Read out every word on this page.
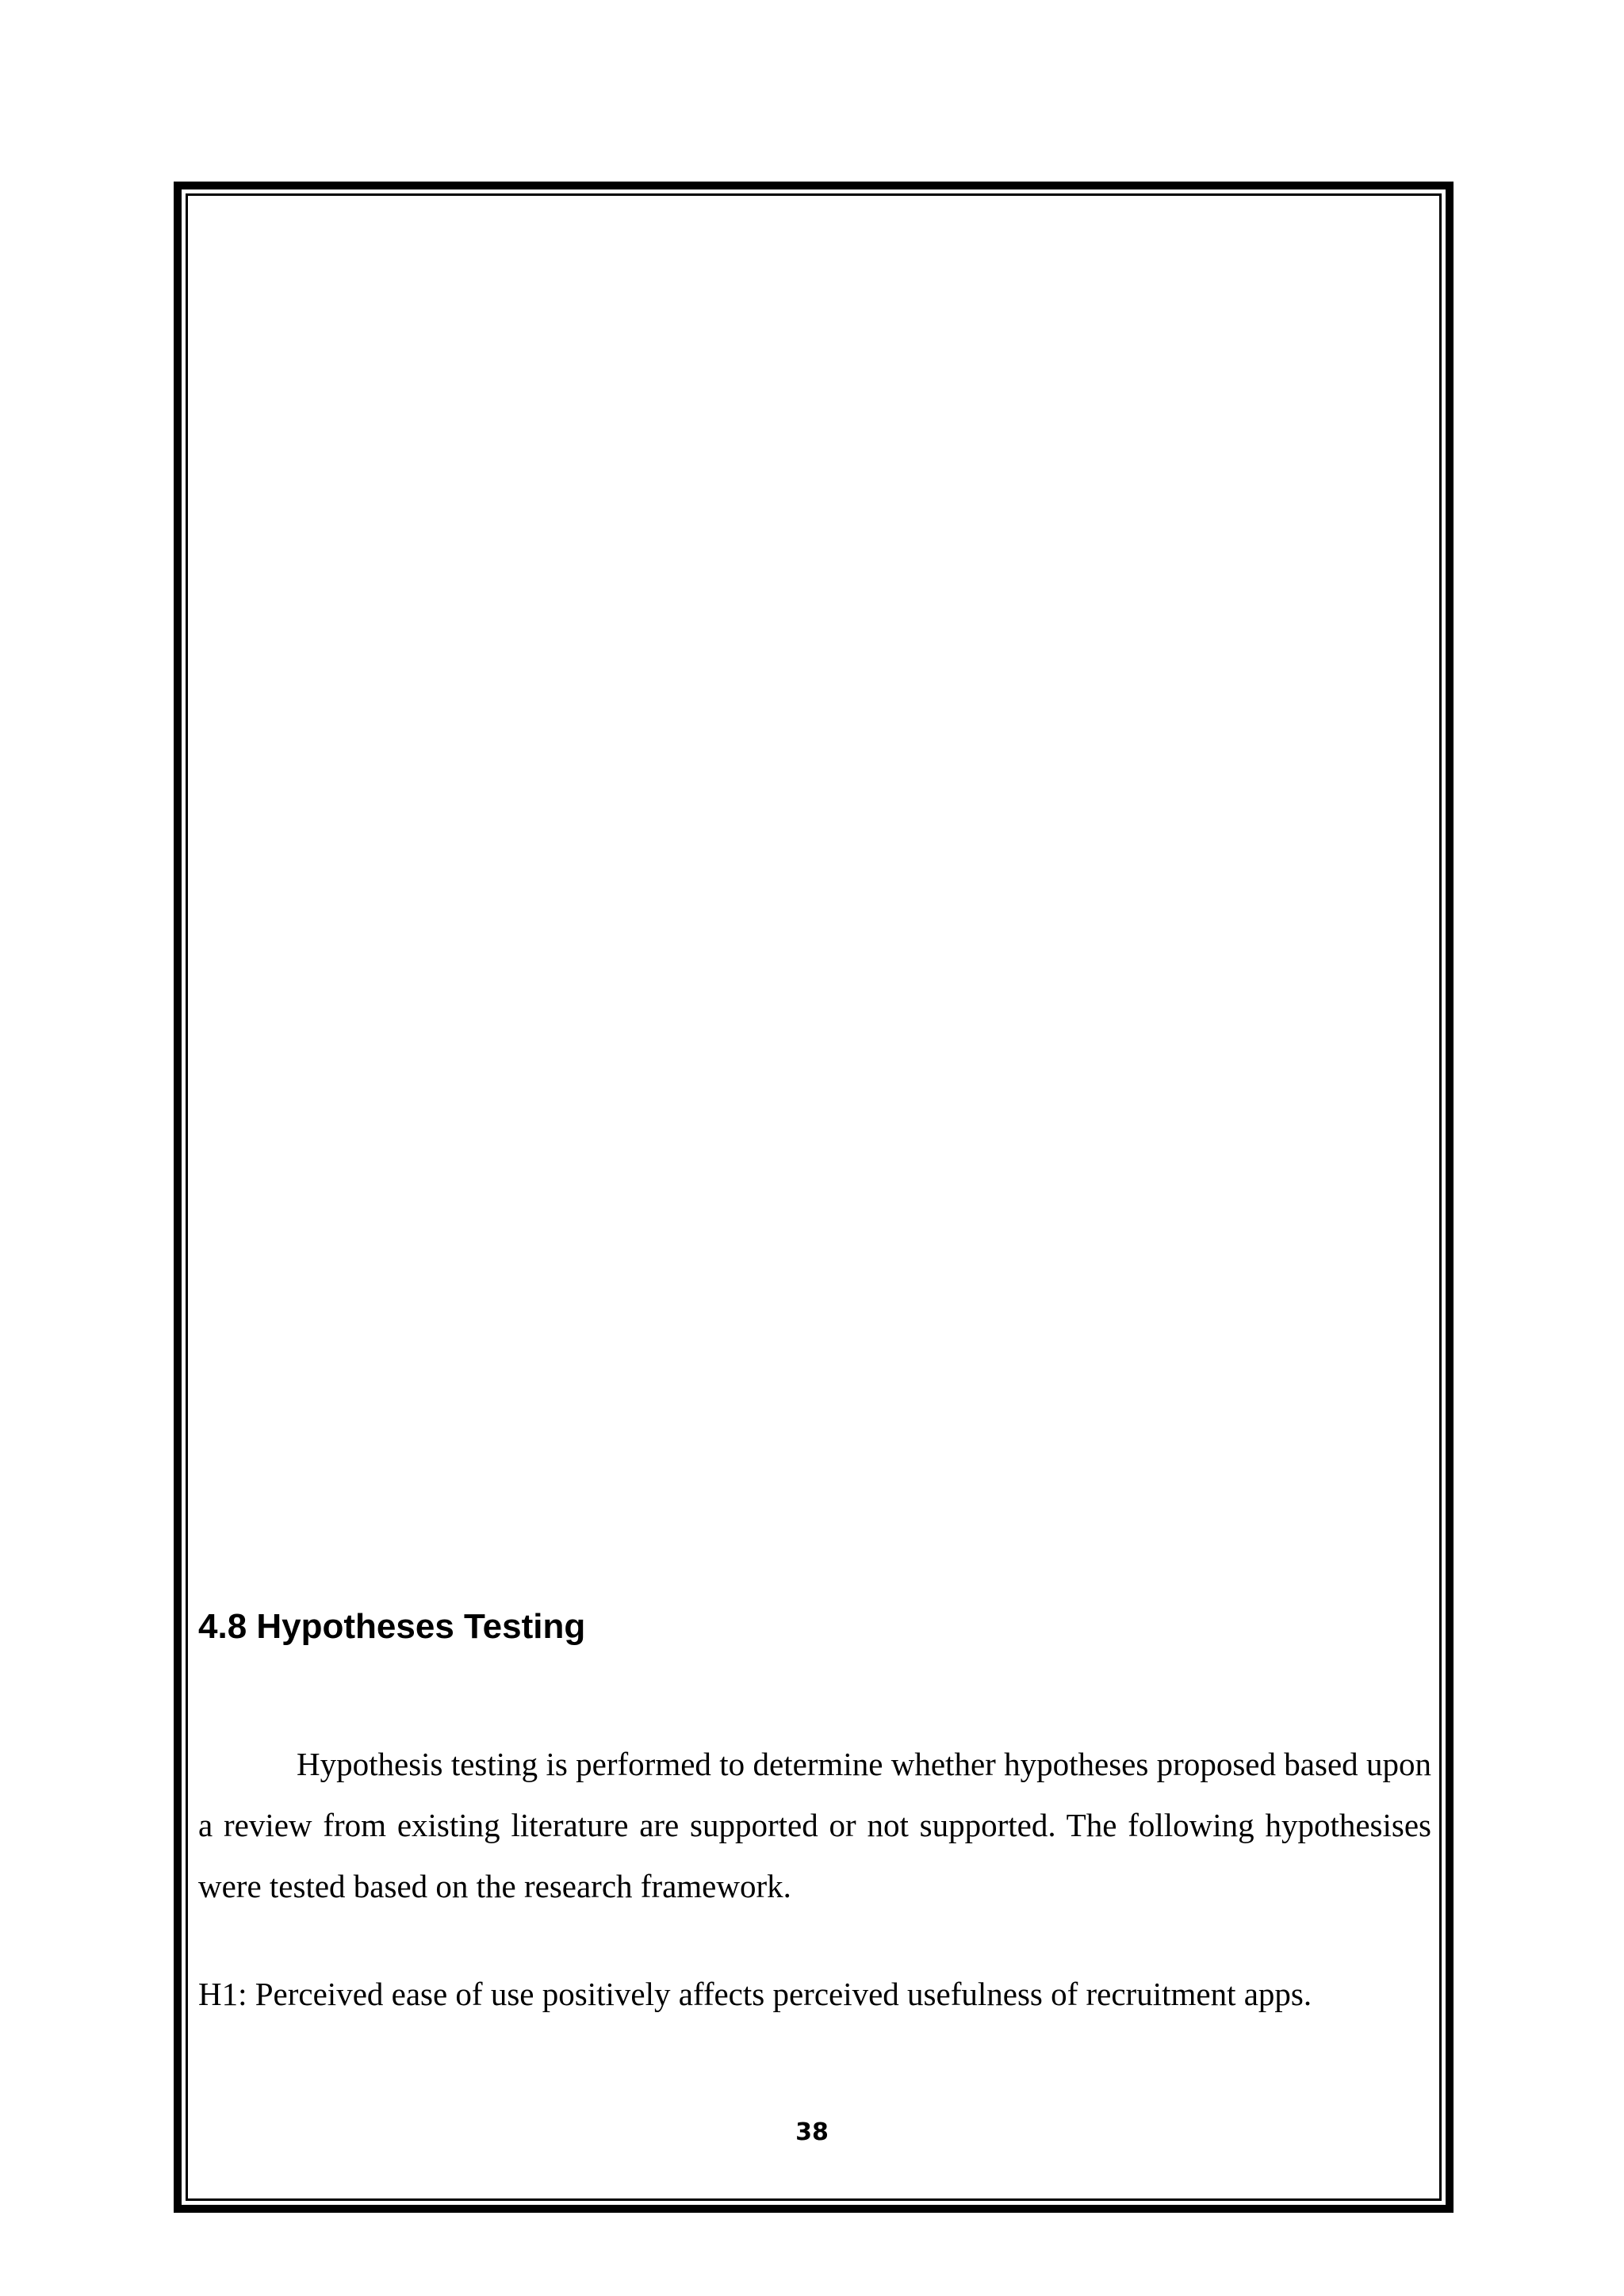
4.8 Hypotheses Testing

Hypothesis testing is performed to determine whether hypotheses proposed based upon a review from existing literature are supported or not supported. The following hypothesises were tested based on the research framework.

H1: Perceived ease of use positively affects perceived usefulness of recruitment apps.

38
